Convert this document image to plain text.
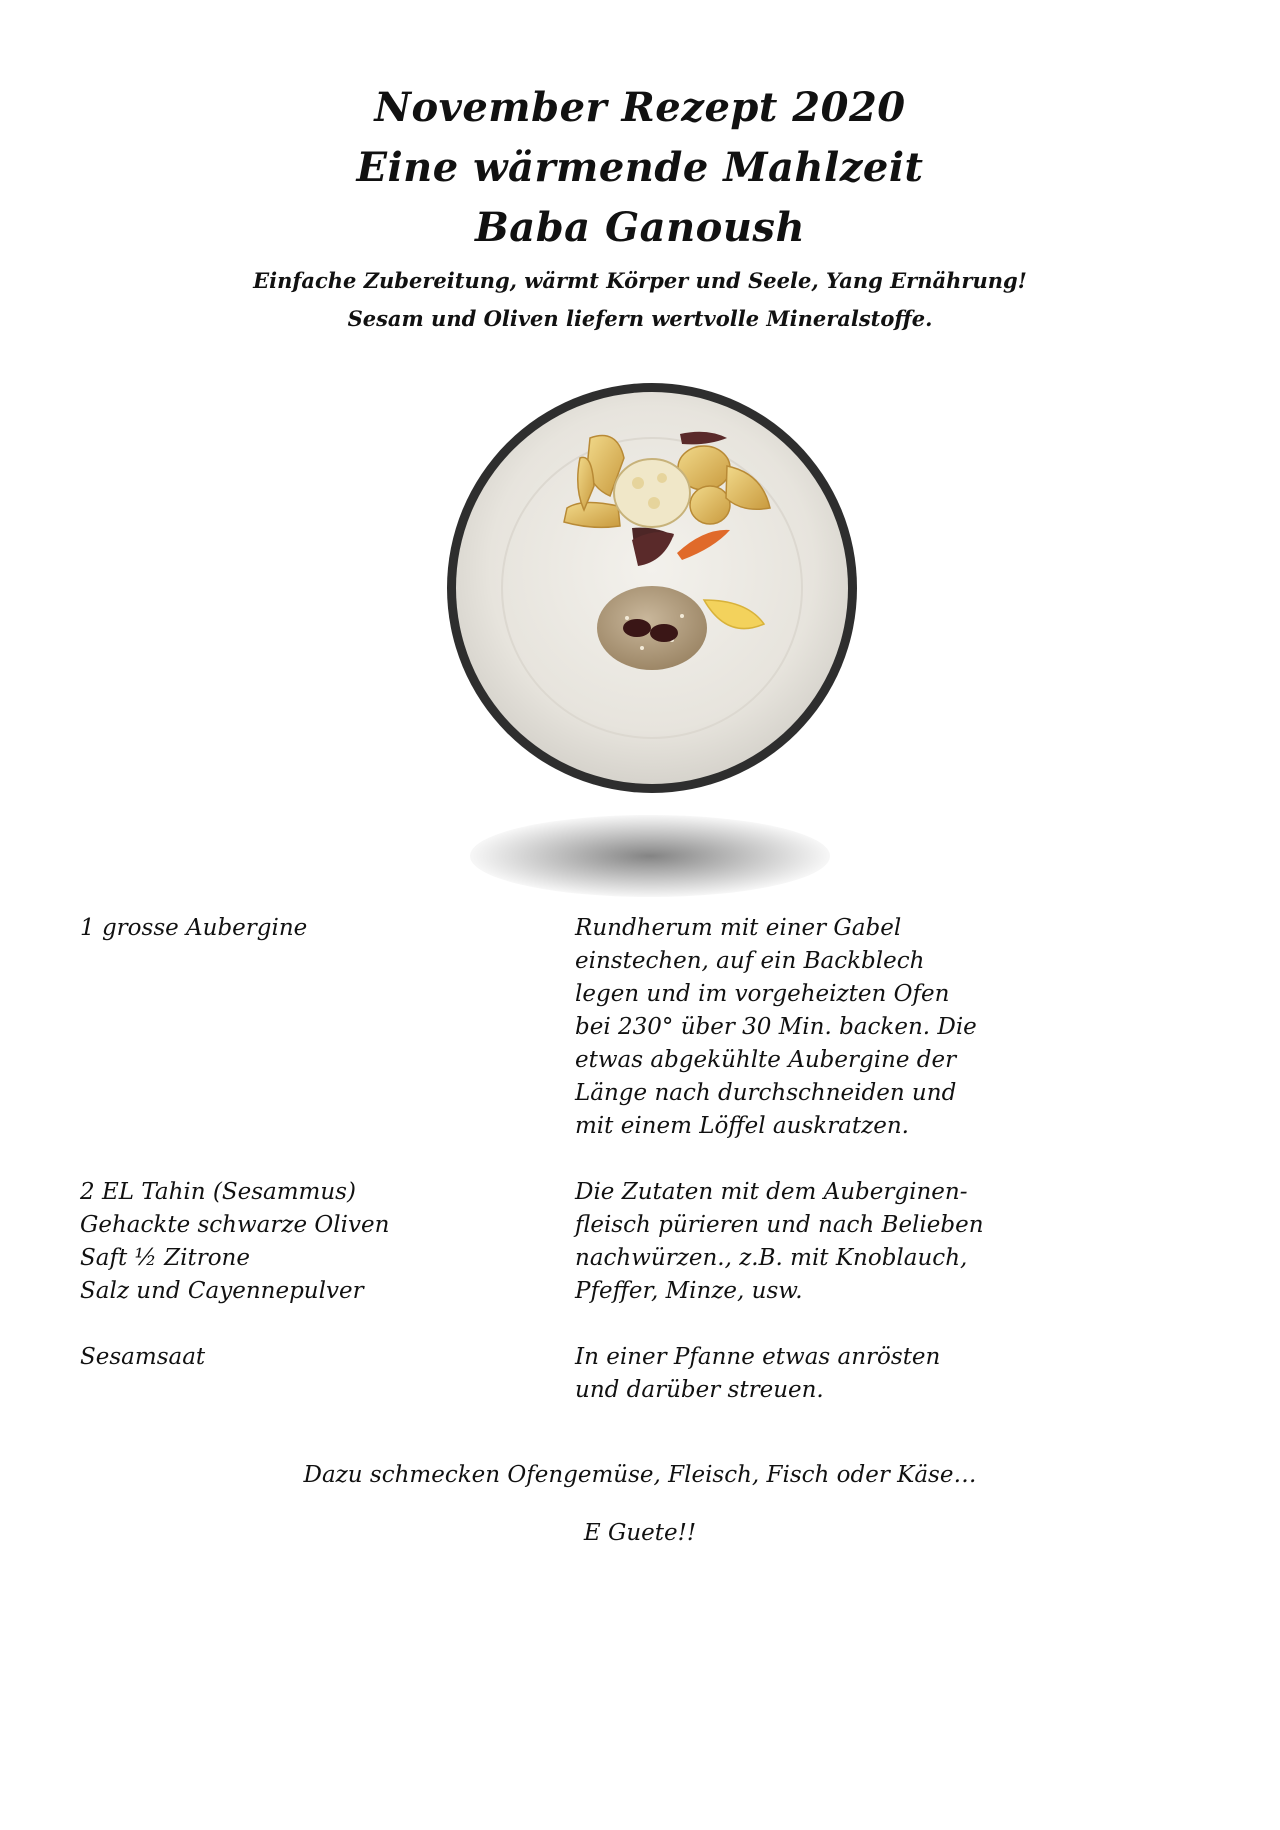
November Rezept 2020
Eine wärmende Mahlzeit
Baba Ganoush
Einfache Zubereitung, wärmt Körper und Seele, Yang Ernährung!
Sesam und Oliven liefern wertvolle Mineralstoffe.
1 grosse Aubergine	Rundherum mit einer Gabel
einstechen, auf ein Backblech
legen und im vorgeheizten Ofen
bei 230° über 30 Min. backen. Die
etwas abgekühlte Aubergine der
Länge nach durchschneiden und
mit einem Löffel auskratzen.
2 EL Tahin (Sesammus)
Gehackte schwarze Oliven
Saft ½ Zitrone
Salz und Cayennepulver
Die Zutaten mit dem Auberginen-
fleisch pürieren und nach Belieben
nachwürzen., z.B. mit Knoblauch,
Pfeffer, Minze, usw.
Sesamsaat	In einer Pfanne etwas anrösten
und darüber streuen.
Dazu schmecken Ofengemüse, Fleisch, Fisch oder Käse…
E Guete!!
